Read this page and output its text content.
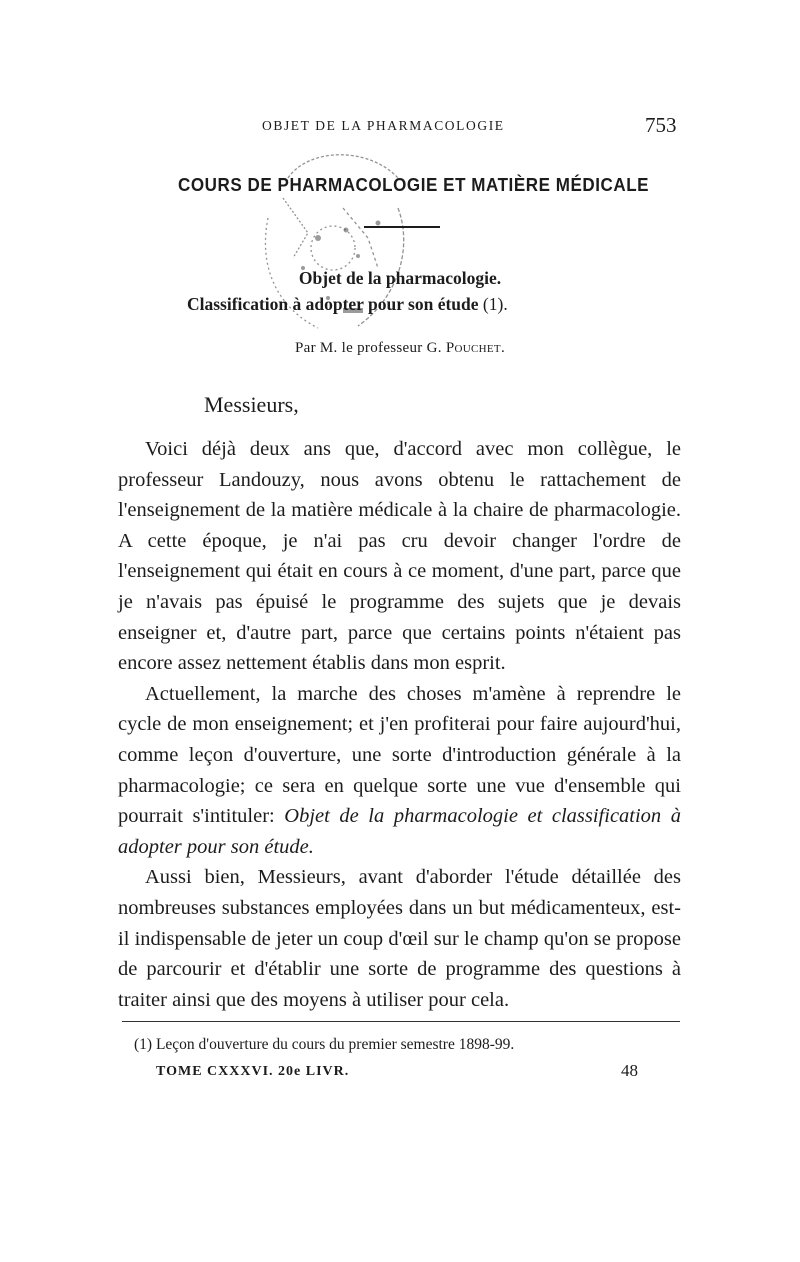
OBJET DE LA PHARMACOLOGIE	753
COURS DE PHARMACOLOGIE ET MATIÈRE MÉDICALE
Objet de la pharmacologie.
Classification à adopter pour son étude (1).
Par M. le professeur G. Pouchet.
Messieurs,

Voici déjà deux ans que, d'accord avec mon collègue, le professeur Landouzy, nous avons obtenu le rattachement de l'enseignement de la matière médicale à la chaire de pharmacologie. A cette époque, je n'ai pas cru devoir changer l'ordre de l'enseignement qui était en cours à ce moment, d'une part, parce que je n'avais pas épuisé le programme des sujets que je devais enseigner et, d'autre part, parce que certains points n'étaient pas encore assez nettement établis dans mon esprit.

Actuellement, la marche des choses m'amène à reprendre le cycle de mon enseignement; et j'en profiterai pour faire aujourd'hui, comme leçon d'ouverture, une sorte d'introduction générale à la pharmacologie; ce sera en quelque sorte une vue d'ensemble qui pourrait s'intituler: Objet de la pharmacologie et classification à adopter pour son étude.

Aussi bien, Messieurs, avant d'aborder l'étude détaillée des nombreuses substances employées dans un but médicamenteux, est-il indispensable de jeter un coup d'œil sur le champ qu'on se propose de parcourir et d'établir une sorte de programme des questions à traiter ainsi que des moyens à utiliser pour cela.

(1) Leçon d'ouverture du cours du premier semestre 1898-99.
TOME CXXXVI. 20e LIVR.	48
